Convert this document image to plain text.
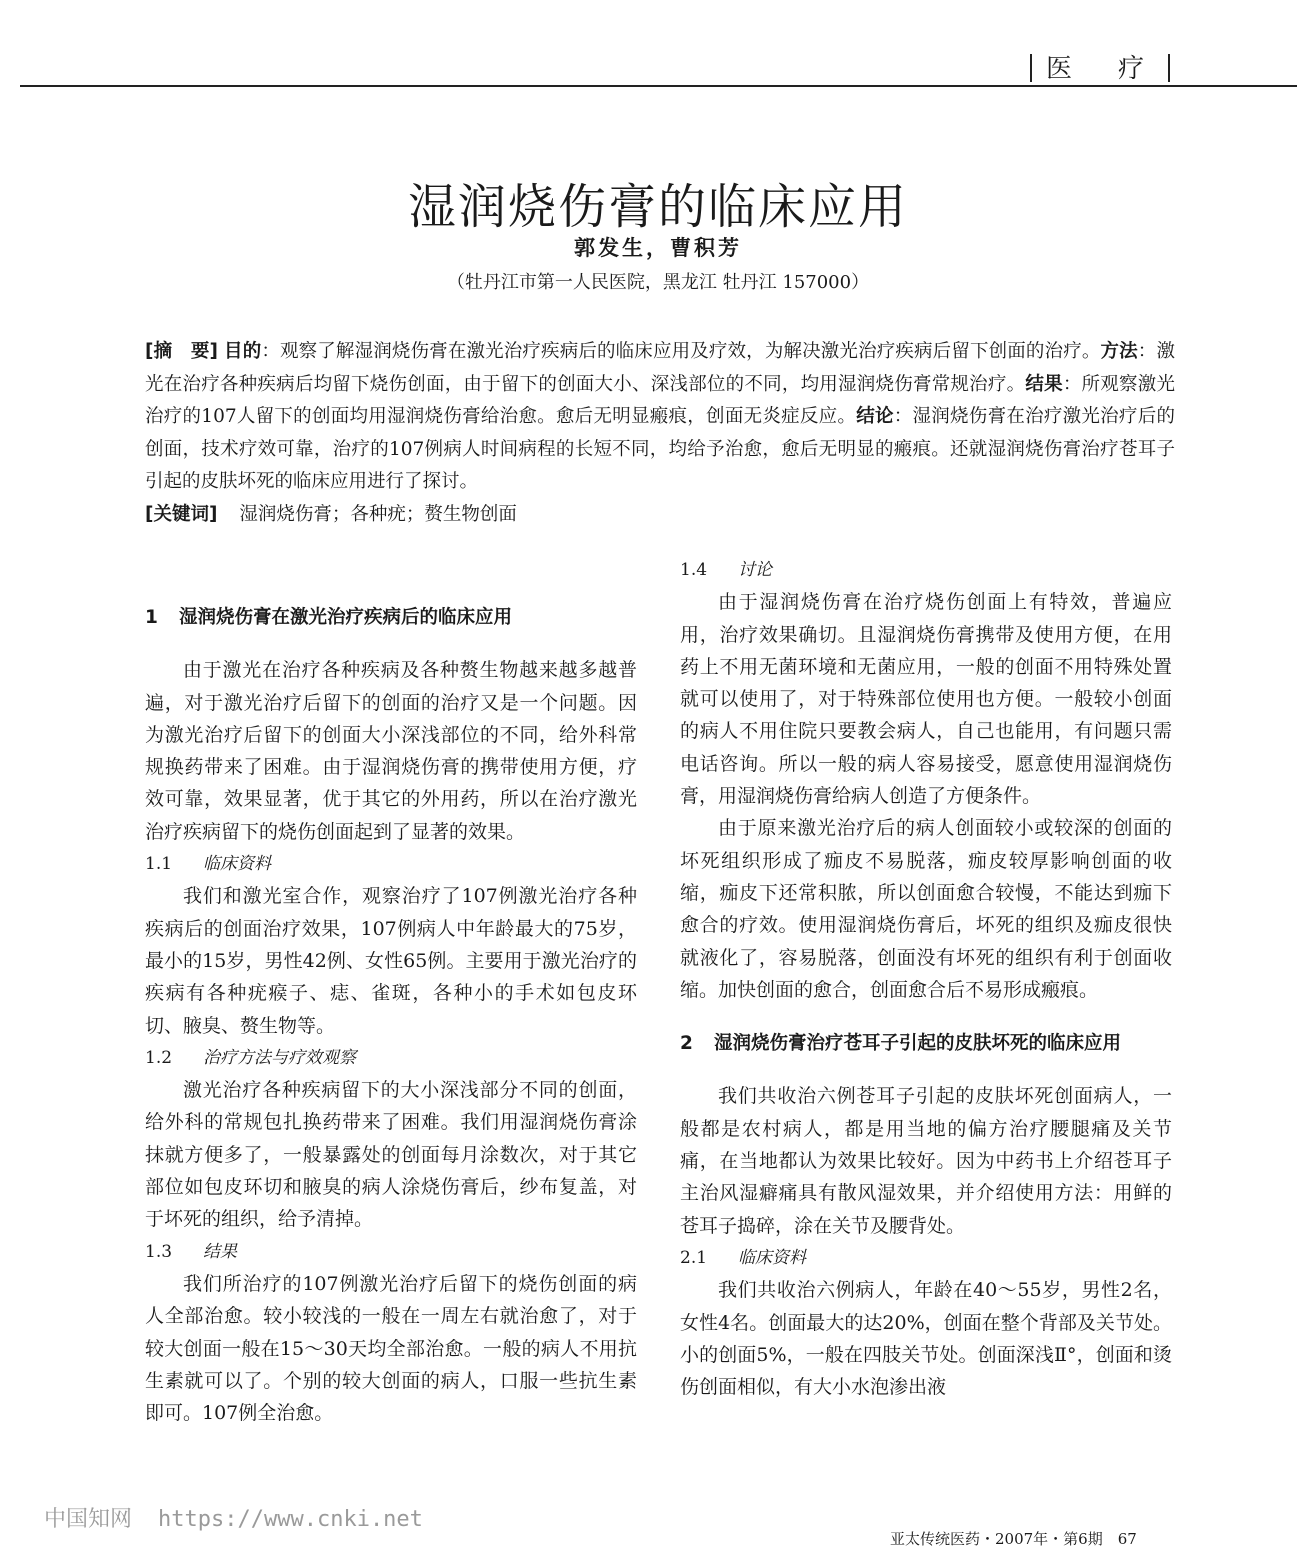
医　疗
湿润烧伤膏的临床应用
郭发生，曹积芳
（牡丹江市第一人民医院，黑龙江 牡丹江 157000）
[摘　要] 目的：观察了解湿润烧伤膏在激光治疗疾病后的临床应用及疗效，为解决激光治疗疾病后留下创面的治疗。方法：激光在治疗各种疾病后均留下烧伤创面，由于留下的创面大小、深浅部位的不同，均用湿润烧伤膏常规治疗。结果：所观察激光治疗的107人留下的创面均用湿润烧伤膏给治愈。愈后无明显瘢痕，创面无炎症反应。结论：湿润烧伤膏在治疗激光治疗后的创面，技术疗效可靠，治疗的107例病人时间病程的长短不同，均给予治愈，愈后无明显的瘢痕。还就湿润烧伤膏治疗苍耳子引起的皮肤坏死的临床应用进行了探讨。
[关键词] 湿润烧伤膏；各种疣；赘生物创面
1 湿润烧伤膏在激光治疗疾病后的临床应用

由于激光在治疗各种疾病及各种赘生物越来越多越普遍，对于激光治疗后留下的创面的治疗又是一个问题。因为激光治疗后留下的创面大小深浅部位的不同，给外科常规换药带来了困难。由于湿润烧伤膏的携带使用方便，疗效可靠，效果显著，优于其它的外用药，所以在治疗激光治疗疾病留下的烧伤创面起到了显著的效果。

1.1 临床资料

我们和激光室合作，观察治疗了107例激光治疗各种疾病后的创面治疗效果，107例病人中年龄最大的75岁，最小的15岁，男性42例、女性65例。主要用于激光治疗的疾病有各种疣瘊子、痣、雀斑，各种小的手术如包皮环切、腋臭、赘生物等。

1.2 治疗方法与疗效观察

激光治疗各种疾病留下的大小深浅部分不同的创面，给外科的常规包扎换药带来了困难。我们用湿润烧伤膏涂抹就方便多了，一般暴露处的创面每月涂数次，对于其它部位如包皮环切和腋臭的病人涂烧伤膏后，纱布复盖，对于坏死的组织，给予清掉。

1.3 结果

我们所治疗的107例激光治疗后留下的烧伤创面的病人全部治愈。较小较浅的一般在一周左右就治愈了，对于较大创面一般在15～30天均全部治愈。一般的病人不用抗生素就可以了。个别的较大创面的病人，口服一些抗生素即可。107例全治愈。

1.4 讨论

由于湿润烧伤膏在治疗烧伤创面上有特效，普遍应用，治疗效果确切。且湿润烧伤膏携带及使用方便，在用药上不用无菌环境和无菌应用，一般的创面不用特殊处置就可以使用了，对于特殊部位使用也方便。一般较小创面的病人不用住院只要教会病人，自己也能用，有问题只需电话咨询。所以一般的病人容易接受，愿意使用湿润烧伤膏，用湿润烧伤膏给病人创造了方便条件。

由于原来激光治疗后的病人创面较小或较深的创面的坏死组织形成了痂皮不易脱落，痂皮较厚影响创面的收缩，痂皮下还常积脓，所以创面愈合较慢，不能达到痂下愈合的疗效。使用湿润烧伤膏后，坏死的组织及痂皮很快就液化了，容易脱落，创面没有坏死的组织有利于创面收缩。加快创面的愈合，创面愈合后不易形成瘢痕。

2 湿润烧伤膏治疗苍耳子引起的皮肤坏死的临床应用

我们共收治六例苍耳子引起的皮肤坏死创面病人，一般都是农村病人，都是用当地的偏方治疗腰腿痛及关节痛，在当地都认为效果比较好。因为中药书上介绍苍耳子主治风湿癖痛具有散风湿效果，并介绍使用方法：用鲜的苍耳子捣碎，涂在关节及腰背处。

2.1 临床资料

我们共收治六例病人，年龄在40～55岁，男性2名，女性4名。创面最大的达20%，创面在整个背部及关节处。小的创面5%，一般在四肢关节处。创面深浅Ⅱ°，创面和烫伤创面相似，有大小水泡渗出液

中国知网 https://www.cnki.net
亚太传统医药・2007年・第6期　67
